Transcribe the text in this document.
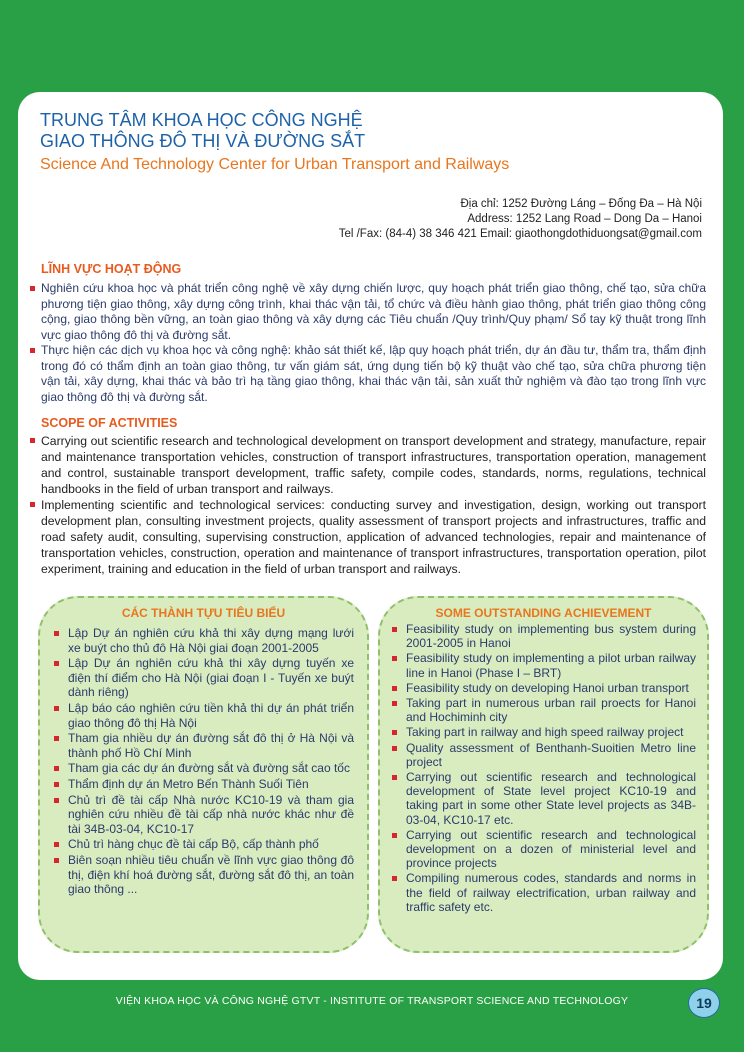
TRUNG TÂM KHOA HỌC CÔNG NGHỆ
GIAO THÔNG ĐÔ THỊ VÀ ĐƯỜNG SẮT

Science And Technology Center for Urban Transport and Railways

Địa chỉ: 1252 Đường Láng – Đống Đa – Hà Nội
Address: 1252 Lang Road – Dong Da – Hanoi
Tel /Fax: (84-4) 38 346 421 Email: giaothongdothiduongsat@gmail.com
LĨNH VỰC HOẠT ĐỘNG
Nghiên cứu khoa học và phát triển công nghệ về xây dựng chiến lược, quy hoạch phát triển giao thông, chế tạo, sửa chữa phương tiện giao thông, xây dựng công trình, khai thác vận tải, tổ chức và điều hành giao thông, phát triển giao thông công cộng, giao thông bền vững, an toàn giao thông và xây dựng các Tiêu chuẩn /Quy trình/Quy phạm/ Sổ tay kỹ thuật trong lĩnh vực giao thông đô thị và đường sắt.
Thực hiện các dịch vụ khoa học và công nghệ: khảo sát thiết kế, lập quy hoạch phát triển, dự án đầu tư, thẩm tra, thẩm định trong đó có thẩm định an toàn giao thông, tư vấn giám sát, ứng dụng tiến bộ kỹ thuật vào chế tạo, sửa chữa phương tiện vận tải, xây dựng, khai thác và bảo trì hạ tầng giao thông, khai thác vận tải, sản xuất thử nghiệm và đào tạo trong lĩnh vực giao thông đô thị và đường sắt.
SCOPE OF ACTIVITIES
Carrying out scientific research and technological development on transport development and strategy, manufacture, repair and maintenance transportation vehicles, construction of transport infrastructures, transportation operation, management and control, sustainable transport development, traffic safety, compile codes, standards, norms, regulations, technical handbooks in the field of urban transport and railways.
Implementing scientific and technological services: conducting survey and investigation, design, working out transport development plan, consulting investment projects, quality assessment of transport projects and infrastructures, traffic and road safety audit, consulting, supervising construction, application of advanced technologies, repair and maintenance of transportation vehicles, construction, operation and maintenance of transport infrastructures, transportation operation, pilot experiment, training and education in the field of urban transport and railways.
CÁC THÀNH TỰU TIÊU BIỂU
Lập Dự án nghiên cứu khả thi xây dựng mạng lưới xe buýt cho thủ đô Hà Nội giai đoạn 2001-2005
Lập Dự án nghiên cứu khả thi xây dựng tuyến xe điện thí điểm cho Hà Nội (giai đoạn I - Tuyến xe buýt dành riêng)
Lập báo cáo nghiên cứu tiền khả thi dự án phát triển giao thông đô thị Hà Nội
Tham gia nhiều dự án đường sắt đô thị ở Hà Nội và thành phố Hồ Chí Minh
Tham gia các dự án đường sắt và đường sắt cao tốc
Thẩm định dự án Metro Bến Thành Suối Tiên
Chủ trì đề tài cấp Nhà nước KC10-19 và tham gia nghiên cứu nhiều đề tài cấp nhà nước khác như đề tài 34B-03-04, KC10-17
Chủ trì hàng chục đề tài cấp Bộ, cấp thành phố
Biên soạn nhiều tiêu chuẩn về lĩnh vực giao thông đô thị, điện khí hoá đường sắt, đường sắt đô thị, an toàn giao thông ...
SOME OUTSTANDING ACHIEVEMENT
Feasibility study on implementing bus system during 2001-2005 in Hanoi
Feasibility study on implementing a pilot urban railway line in Hanoi (Phase I – BRT)
Feasibility study on developing Hanoi urban transport
Taking part in numerous urban rail proects for Hanoi and Hochiminh city
Taking part in railway and high speed railway project
Quality assessment of Benthanh-Suoitien Metro line project
Carrying out scientific research and technological development of State level project KC10-19 and taking part in some other State level projects as 34B-03-04, KC10-17 etc.
Carrying out scientific research and technological development on a dozen of ministerial level and province projects
Compiling numerous codes, standards and norms in the field of railway electrification, urban railway and traffic safety etc.
VIỆN KHOA HỌC VÀ CÔNG NGHỆ GTVT - INSTITUTE OF TRANSPORT SCIENCE AND TECHNOLOGY	19
